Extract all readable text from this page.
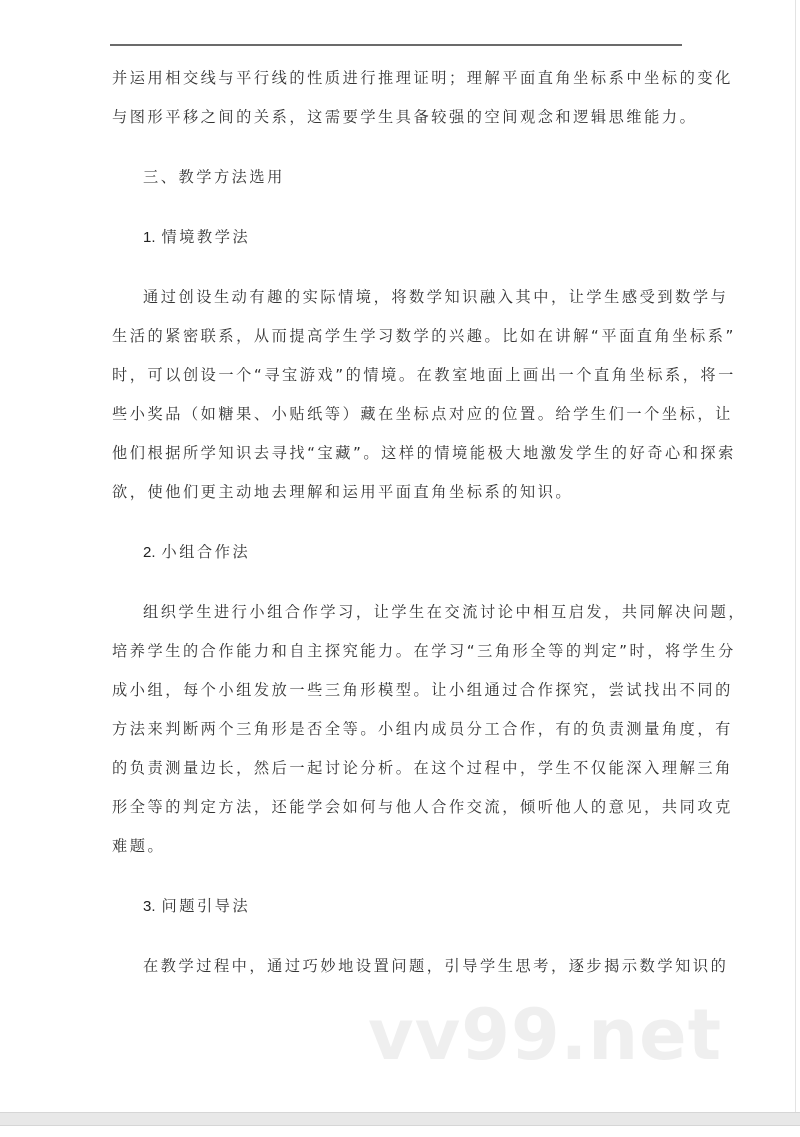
并运用相交线与平行线的性质进行推理证明；理解平面直角坐标系中坐标的变化
与图形平移之间的关系，这需要学生具备较强的空间观念和逻辑思维能力。
三、教学方法选用
1. 情境教学法
通过创设生动有趣的实际情境，将数学知识融入其中，让学生感受到数学与
生活的紧密联系，从而提高学生学习数学的兴趣。比如在讲解“平面直角坐标系”
时，可以创设一个“寻宝游戏”的情境。在教室地面上画出一个直角坐标系，将一
些小奖品（如糖果、小贴纸等）藏在坐标点对应的位置。给学生们一个坐标，让
他们根据所学知识去寻找“宝藏”。这样的情境能极大地激发学生的好奇心和探索
欲，使他们更主动地去理解和运用平面直角坐标系的知识。
2. 小组合作法
组织学生进行小组合作学习，让学生在交流讨论中相互启发，共同解决问题，
培养学生的合作能力和自主探究能力。在学习“三角形全等的判定”时，将学生分
成小组，每个小组发放一些三角形模型。让小组通过合作探究，尝试找出不同的
方法来判断两个三角形是否全等。小组内成员分工合作，有的负责测量角度，有
的负责测量边长，然后一起讨论分析。在这个过程中，学生不仅能深入理解三角
形全等的判定方法，还能学会如何与他人合作交流，倾听他人的意见，共同攻克
难题。
3. 问题引导法
在教学过程中，通过巧妙地设置问题，引导学生思考，逐步揭示数学知识的
vv99.net
